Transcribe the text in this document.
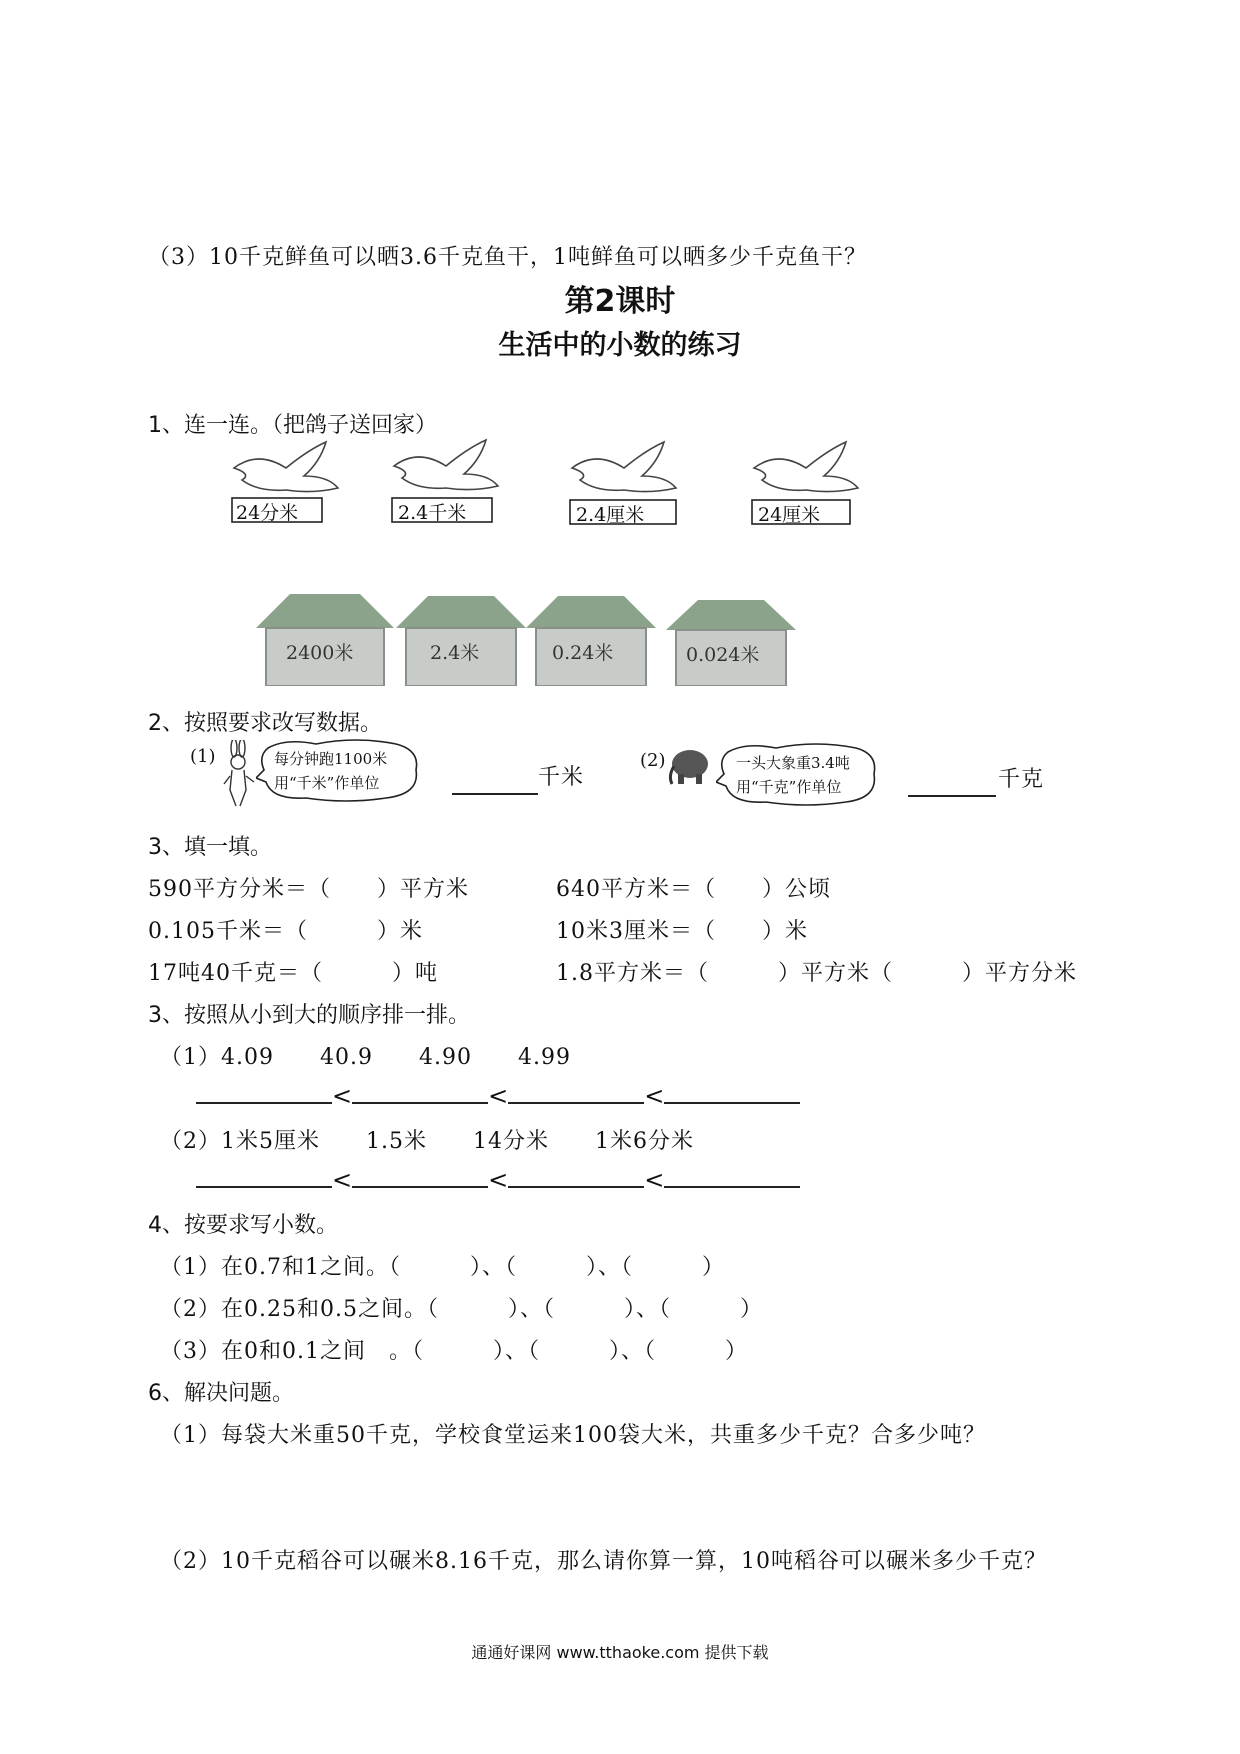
（3）10千克鲜鱼可以晒3.6千克鱼干，1吨鲜鱼可以晒多少千克鱼干？
第2课时
生活中的小数的练习
1、连一连。（把鸽子送回家）
24分米	2.4千米	2.4厘米	24厘米
2400米	2.4米	0.24米	0.024米
2、按照要求改写数据。
(1)	每分钟跑1100米
用“千米”作单位	千米
(2)	一头大象重3.4吨
用“千克”作单位	千克
3、填一填。
590平方分米＝（　　）平方米	640平方米＝（　　）公顷
0.105千米＝（　　　）米	10米3厘米＝（　　）米
17吨40千克＝（　　　）吨	1.8平方米＝（　　　）平方米（　　　）平方分米
3、按照从小到大的顺序排一排。
（1）4.09　　40.9　　4.90　　4.99
<	<	<
（2）1米5厘米　　1.5米　　14分米　　1米6分米
<	<	<
4、按要求写小数。
（1）在0.7和1之间。（　　　）、（　　　）、（　　　）
（2）在0.25和0.5之间。（　　　）、（　　　）、（　　　）
（3）在0和0.1之间　。（　　　）、（　　　）、（　　　）
6、解决问题。
（1）每袋大米重50千克，学校食堂运来100袋大米，共重多少千克？合多少吨？
（2）10千克稻谷可以碾米8.16千克，那么请你算一算，10吨稻谷可以碾米多少千克？
通通好课网 www.tthaoke.com 提供下载
